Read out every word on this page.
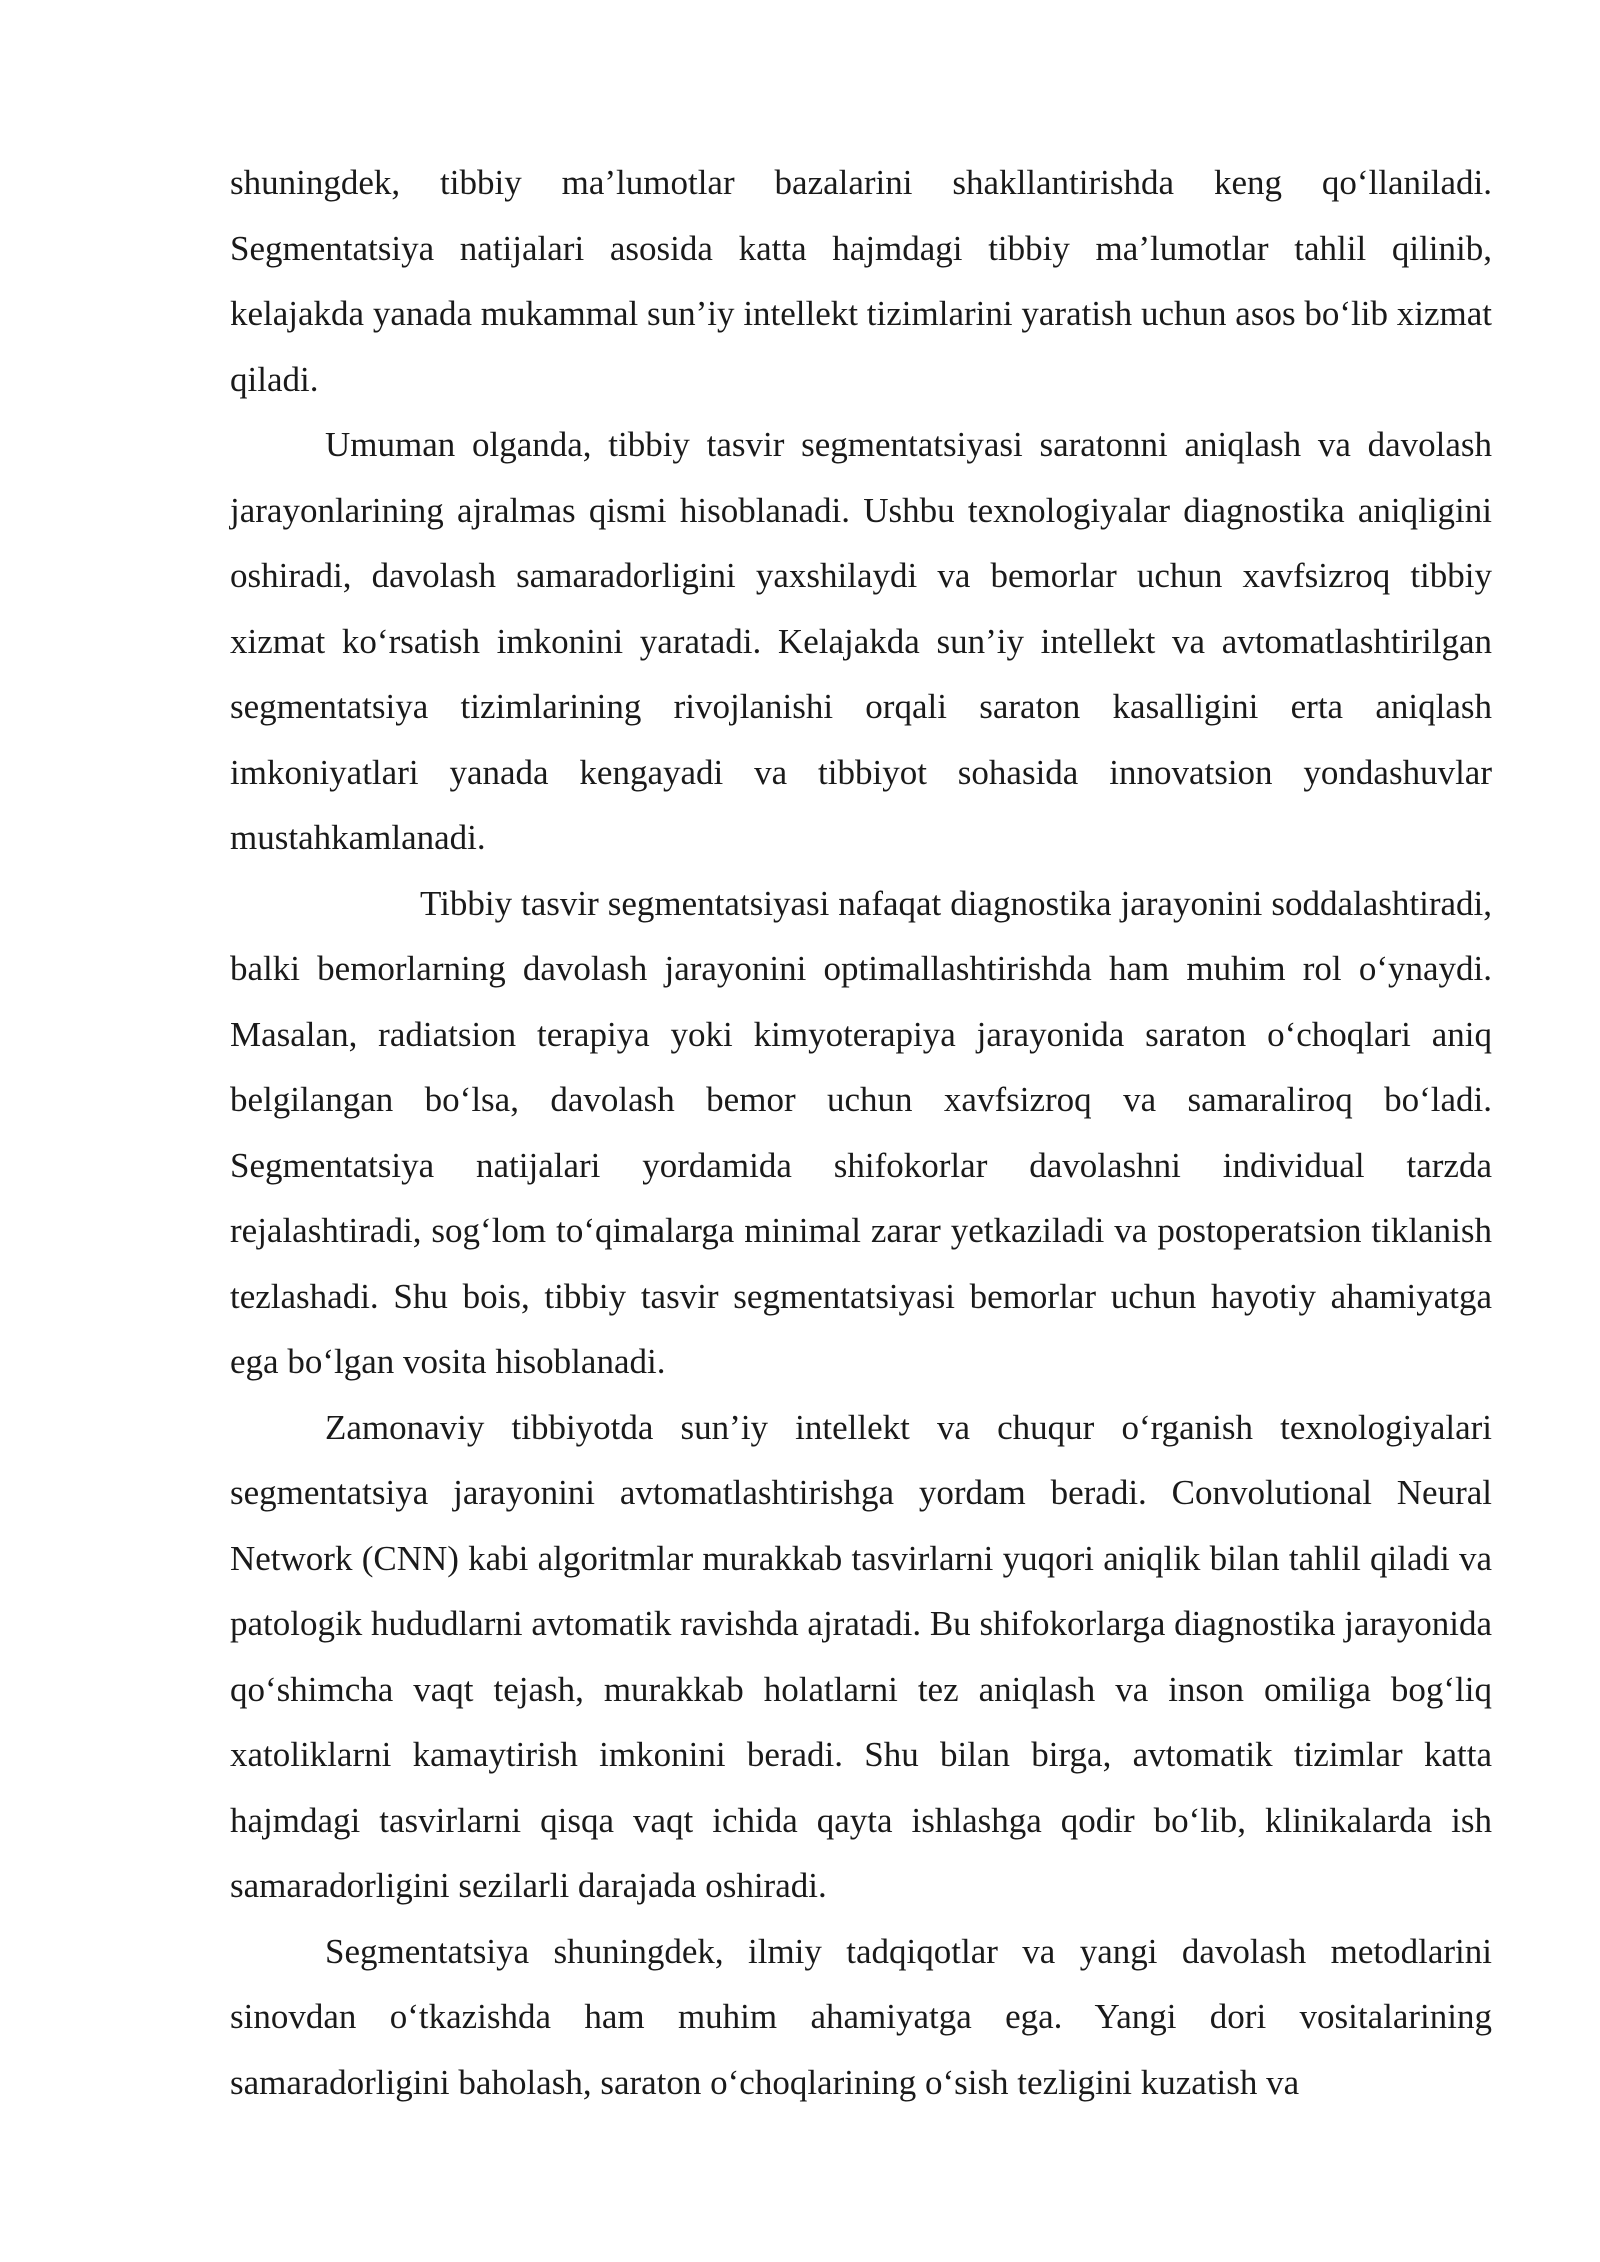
shuningdek, tibbiy ma’lumotlar bazalarini shakllantirishda keng qo‘llaniladi. Segmentatsiya natijalari asosida katta hajmdagi tibbiy ma’lumotlar tahlil qilinib, kelajakda yanada mukammal sun’iy intellekt tizimlarini yaratish uchun asos bo‘lib xizmat qiladi.

Umuman olganda, tibbiy tasvir segmentatsiyasi saratonni aniqlash va davolash jarayonlarining ajralmas qismi hisoblanadi. Ushbu texnologiyalar diagnostika aniqligini oshiradi, davolash samaradorligini yaxshilaydi va bemorlar uchun xavfsizroq tibbiy xizmat ko‘rsatish imkonini yaratadi. Kelajakda sun’iy intellekt va avtomatlashtirilgan segmentatsiya tizimlarining rivojlanishi orqali saraton kasalligini erta aniqlash imkoniyatlari yanada kengayadi va tibbiyot sohasida innovatsion yondashuvlar mustahkamlanadi.

Tibbiy tasvir segmentatsiyasi nafaqat diagnostika jarayonini soddalashtiradi, balki bemorlarning davolash jarayonini optimallashtirishda ham muhim rol o‘ynaydi. Masalan, radiatsion terapiya yoki kimyoterapiya jarayonida saraton o‘choqlari aniq belgilangan bo‘lsa, davolash bemor uchun xavfsizroq va samaraliroq bo‘ladi. Segmentatsiya natijalari yordamida shifokorlar davolashni individual tarzda rejalashtiradi, sog‘lom to‘qimalarga minimal zarar yetkaziladi va postoperatsion tiklanish tezlashadi. Shu bois, tibbiy tasvir segmentatsiyasi bemorlar uchun hayotiy ahamiyatga ega bo‘lgan vosita hisoblanadi.

Zamonaviy tibbiyotda sun’iy intellekt va chuqur o‘rganish texnologiyalari segmentatsiya jarayonini avtomatlashtirishga yordam beradi. Convolutional Neural Network (CNN) kabi algoritmlar murakkab tasvirlarni yuqori aniqlik bilan tahlil qiladi va patologik hududlarni avtomatik ravishda ajratadi. Bu shifokorlarga diagnostika jarayonida qo‘shimcha vaqt tejash, murakkab holatlarni tez aniqlash va inson omiliga bog‘liq xatoliklarni kamaytirish imkonini beradi. Shu bilan birga, avtomatik tizimlar katta hajmdagi tasvirlarni qisqa vaqt ichida qayta ishlashga qodir bo‘lib, klinikalarda ish samaradorligini sezilarli darajada oshiradi.

Segmentatsiya shuningdek, ilmiy tadqiqotlar va yangi davolash metodlarini sinovdan o‘tkazishda ham muhim ahamiyatga ega. Yangi dori vositalarining samaradorligini baholash, saraton o‘choqlarining o‘sish tezligini kuzatish va
